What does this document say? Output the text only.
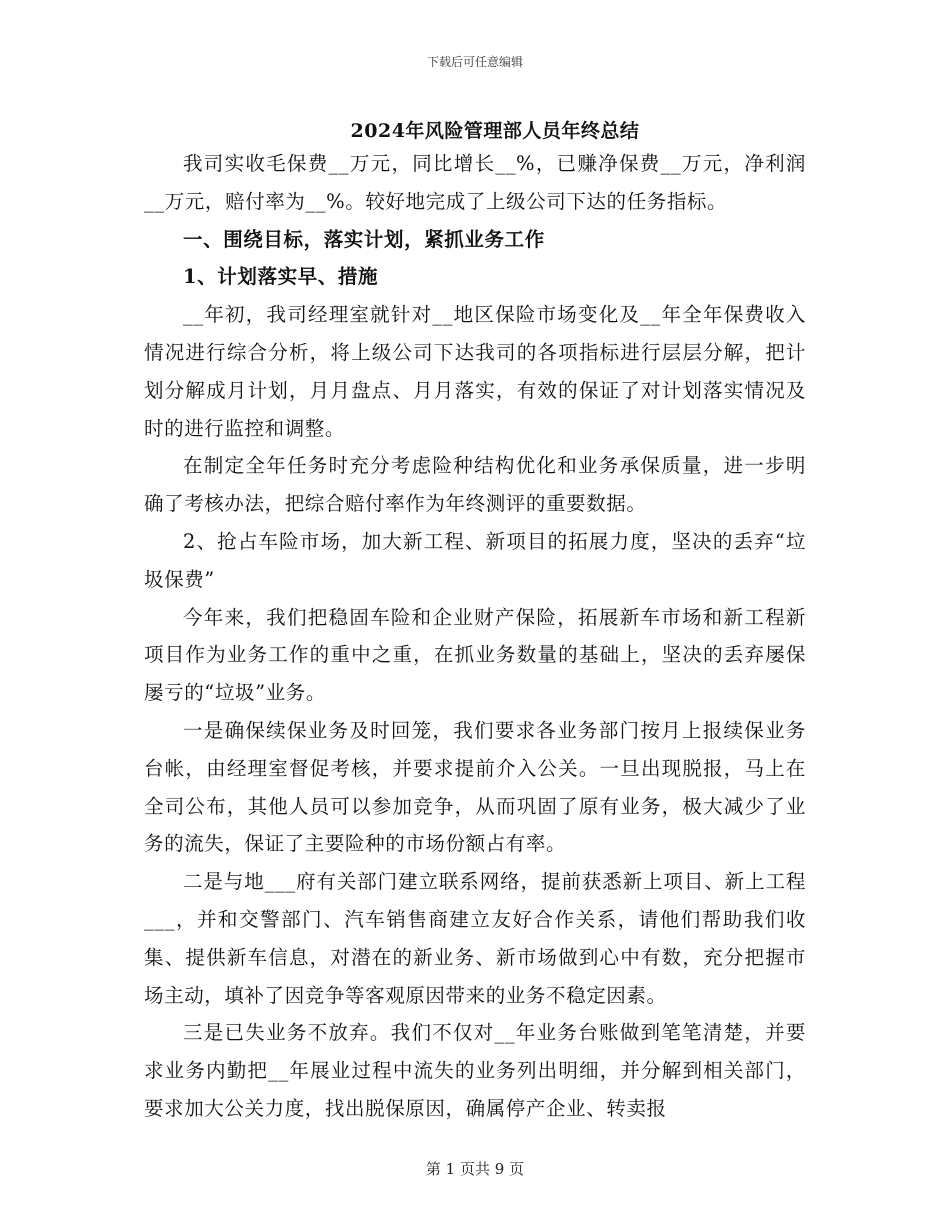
下载后可任意编辑
2024年风险管理部人员年终总结

我司实收毛保费__万元，同比增长__%，已赚净保费__万元，净利润__万元，赔付率为__%。较好地完成了上级公司下达的任务指标。

一、围绕目标，落实计划，紧抓业务工作

1、计划落实早、措施

__年初，我司经理室就针对__地区保险市场变化及__年全年保费收入情况进行综合分析，将上级公司下达我司的各项指标进行层层分解，把计划分解成月计划，月月盘点、月月落实，有效的保证了对计划落实情况及时的进行监控和调整。

在制定全年任务时充分考虑险种结构优化和业务承保质量，进一步明确了考核办法，把综合赔付率作为年终测评的重要数据。

2、抢占车险市场，加大新工程、新项目的拓展力度，坚决的丢弃“垃圾保费”

今年来，我们把稳固车险和企业财产保险，拓展新车市场和新工程新项目作为业务工作的重中之重，在抓业务数量的基础上，坚决的丢弃屡保屡亏的“垃圾”业务。

一是确保续保业务及时回笼，我们要求各业务部门按月上报续保业务台帐，由经理室督促考核，并要求提前介入公关。一旦出现脱报，马上在全司公布，其他人员可以参加竞争，从而巩固了原有业务，极大减少了业务的流失，保证了主要险种的市场份额占有率。

二是与地___府有关部门建立联系网络，提前获悉新上项目、新上工程___，并和交警部门、汽车销售商建立友好合作关系，请他们帮助我们收集、提供新车信息，对潜在的新业务、新市场做到心中有数，充分把握市场主动，填补了因竞争等客观原因带来的业务不稳定因素。

三是已失业务不放弃。我们不仅对__年业务台账做到笔笔清楚，并要求业务内勤把__年展业过程中流失的业务列出明细，并分解到相关部门，要求加大公关力度，找出脱保原因，确属停产企业、转卖报

第 1 页共 9 页
